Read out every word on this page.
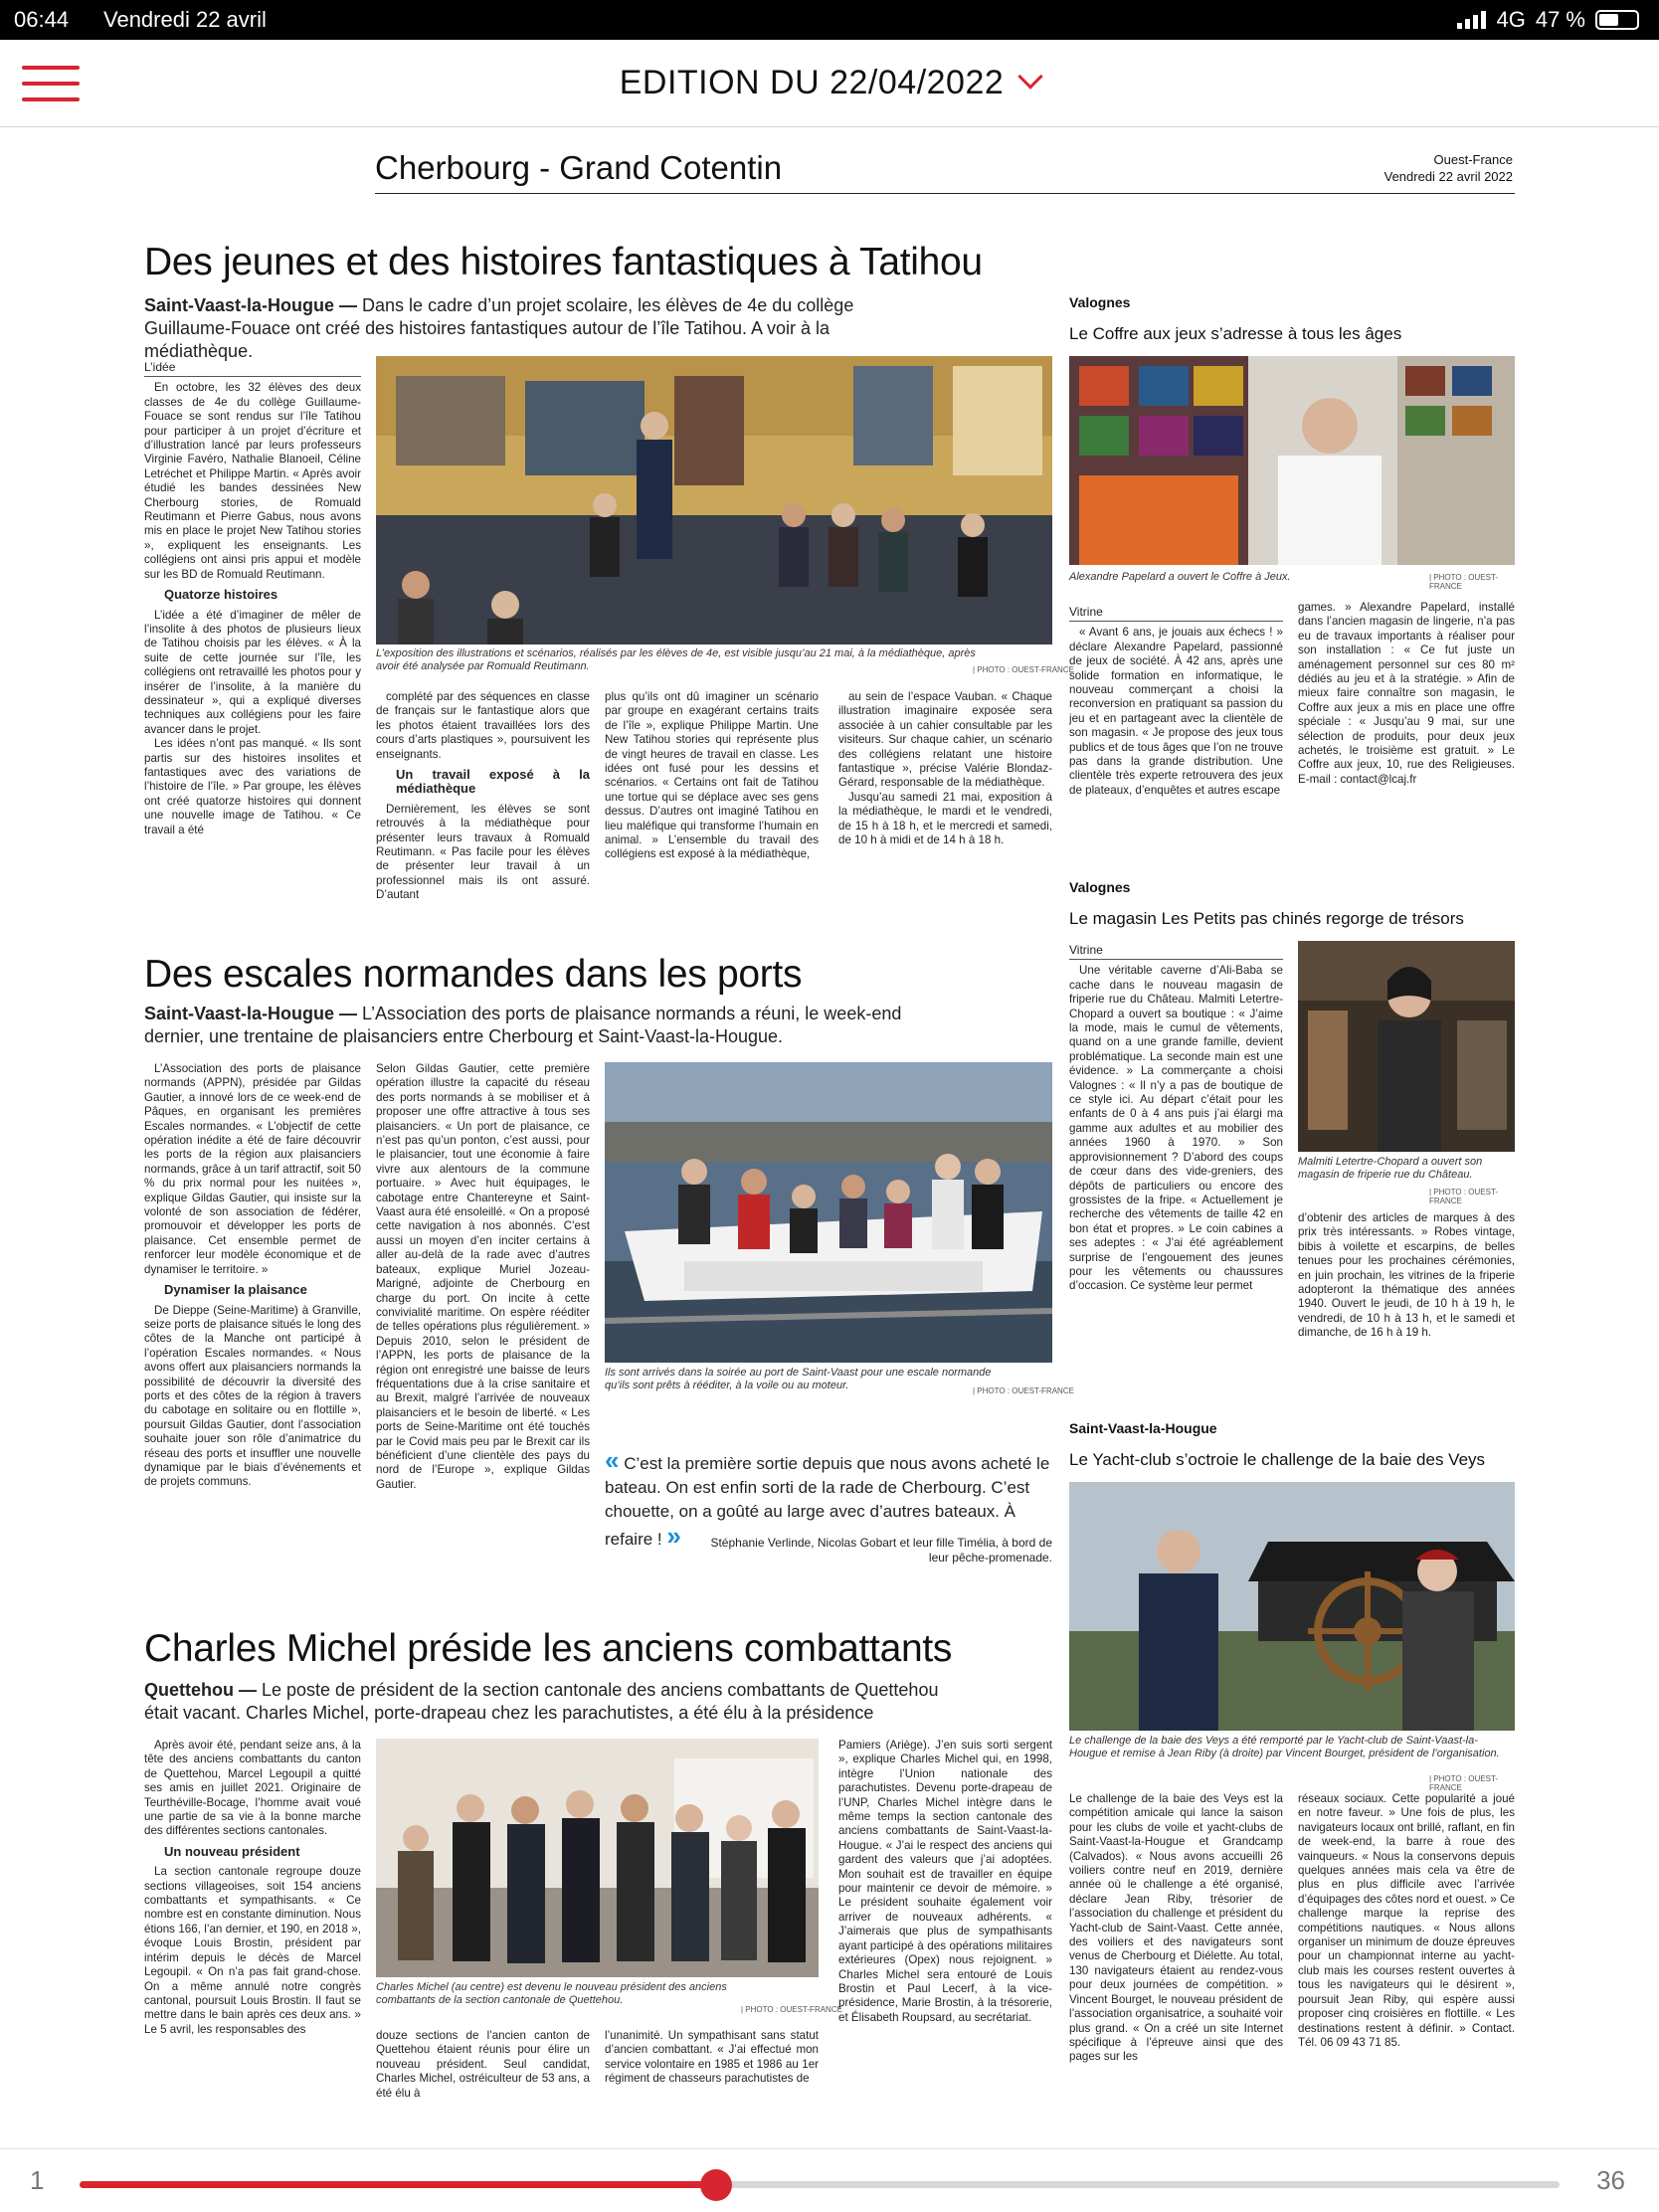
06:44 Vendredi 22 avril	4G 47 %
EDITION DU 22/04/2022
Cherbourg - Grand Cotentin	Ouest-France
Vendredi 22 avril 2022
Des jeunes et des histoires fantastiques à Tatihou
Saint-Vaast-la-Hougue — Dans le cadre d’un projet scolaire, les élèves de 4e du collège Guillaume-Fouace ont créé des histoires fantastiques autour de l’île Tatihou. A voir à la médiathèque.
L’idée

En octobre, les 32 élèves des deux classes de 4e du collège Guillaume-Fouace se sont rendus sur l’île Tatihou pour participer à un projet d’écriture et d’illustration lancé par leurs professeurs Virginie Favéro, Nathalie Blanoeil, Céline Letréchet et Philippe Martin. « Après avoir étudié les bandes dessinées New Cherbourg stories, de Romuald Reutimann et Pierre Gabus, nous avons mis en place le projet New Tatihou stories », expliquent les enseignants. Les collégiens ont ainsi pris appui et modèle sur les BD de Romuald Reutimann.

Quatorze histoires

L’idée a été d’imaginer de mêler de l’insolite à des photos de plusieurs lieux de Tatihou choisis par les élèves. « À la suite de cette journée sur l’île, les collégiens ont retravaillé les photos pour y insérer de l’insolite, à la manière du dessinateur », qui a expliqué diverses techniques aux collégiens pour les faire avancer dans le projet.

Les idées n’ont pas manqué. « Ils sont partis sur des histoires insolites et fantastiques avec des variations de l’histoire de l’île. » Par groupe, les élèves ont créé quatorze histoires qui donnent une nouvelle image de Tatihou. « Ce travail a été

L’exposition des illustrations et scénarios, réalisés par les élèves de 4e, est visible jusqu’au 21 mai, à la médiathèque, après avoir été analysée par Romuald Reutimann.	| PHOTO : OUEST-FRANCE

complété par des séquences en classe de français sur le fantastique alors que les photos étaient travaillées lors des cours d’arts plastiques », poursuivent les enseignants.

Un travail exposé à la médiathèque

Dernièrement, les élèves se sont retrouvés à la médiathèque pour présenter leurs travaux à Romuald Reutimann. « Pas facile pour les élèves de présenter leur travail à un professionnel mais ils ont assuré. D’autant

plus qu’ils ont dû imaginer un scénario par groupe en exagérant certains traits de l’île », explique Philippe Martin. Une New Tatihou stories qui représente plus de vingt heures de travail en classe. Les idées ont fusé pour les dessins et scénarios. « Certains ont fait de Tatihou une tortue qui se déplace avec ses gens dessus. D’autres ont imaginé Tatihou en lieu maléfique qui transforme l’humain en animal. » L’ensemble du travail des collégiens est exposé à la médiathèque,

au sein de l’espace Vauban. « Chaque illustration imaginaire exposée sera associée à un cahier consultable par les visiteurs. Sur chaque cahier, un scénario des collégiens relatant une histoire fantastique », précise Valérie Blondaz-Gérard, responsable de la médiathèque.

Jusqu’au samedi 21 mai, exposition à la médiathèque, le mardi et le vendredi, de 15 h à 18 h, et le mercredi et samedi, de 10 h à midi et de 14 h à 18 h.

Des escales normandes dans les ports
Saint-Vaast-la-Hougue — L’Association des ports de plaisance normands a réuni, le week-end dernier, une trentaine de plaisanciers entre Cherbourg et Saint-Vaast-la-Hougue.

L’Association des ports de plaisance normands (APPN), présidée par Gildas Gautier, a innové lors de ce week-end de Pâques, en organisant les premières Escales normandes. « L’objectif de cette opération inédite a été de faire découvrir les ports de la région aux plaisanciers normands, grâce à un tarif attractif, soit 50 % du prix normal pour les nuitées », explique Gildas Gautier, qui insiste sur la volonté de son association de fédérer, promouvoir et développer les ports de plaisance. Cet ensemble permet de renforcer leur modèle économique et de dynamiser le territoire. »

Dynamiser la plaisance

De Dieppe (Seine-Maritime) à Granville, seize ports de plaisance situés le long des côtes de la Manche ont participé à l’opération Escales normandes. « Nous avons offert aux plaisanciers normands la possibilité de découvrir la diversité des ports et des côtes de la région à travers du cabotage en solitaire ou en flottille », poursuit Gildas Gautier, dont l’association souhaite jouer son rôle d’animatrice du réseau des ports et insuffler une nouvelle dynamique par le biais d’événements et de projets communs.

Selon Gildas Gautier, cette première opération illustre la capacité du réseau des ports normands à se mobiliser et à proposer une offre attractive à tous ses plaisanciers. « Un port de plaisance, ce n’est pas qu’un ponton, c’est aussi, pour le plaisancier, tout une économie à faire vivre aux alentours de la commune portuaire. » Avec huit équipages, le cabotage entre Chantereyne et Saint-Vaast aura été ensoleillé. « On a proposé cette navigation à nos abonnés. C’est aussi un moyen d’en inciter certains à aller au-delà de la rade avec d’autres bateaux, explique Muriel Jozeau-Marigné, adjointe de Cherbourg en charge du port. On incite à cette convivialité maritime. On espère rééditer de telles opérations plus régulièrement. » Depuis 2010, selon le président de l’APPN, les ports de plaisance de la région ont enregistré une baisse de leurs fréquentations due à la crise sanitaire et au Brexit, malgré l’arrivée de nouveaux plaisanciers et le besoin de liberté. « Les ports de Seine-Maritime ont été touchés par le Covid mais peu par le Brexit car ils bénéficient d’une clientèle des pays du nord de l’Europe », explique Gildas Gautier.
Ils sont arrivés dans la soirée au port de Saint-Vaast pour une escale normande qu’ils sont prêts à rééditer, à la voile ou au moteur.	| PHOTO : OUEST-FRANCE
« C’est la première sortie depuis que nous avons acheté le bateau. On est enfin sorti de la rade de Cherbourg. C’est chouette, on a goûté au large avec d’autres bateaux. À refaire ! »	Stéphanie Verlinde, Nicolas Gobart et leur fille Timélia, à bord de leur pêche-promenade.
Charles Michel préside les anciens combattants
Quettehou — Le poste de président de la section cantonale des anciens combattants de Quettehou était vacant. Charles Michel, porte-drapeau chez les parachutistes, a été élu à la présidence

Après avoir été, pendant seize ans, à la tête des anciens combattants du canton de Quettehou, Marcel Legoupil a quitté ses amis en juillet 2021. Originaire de Teurthéville-Bocage, l’homme avait voué une partie de sa vie à la bonne marche des différentes sections cantonales.

Un nouveau président

La section cantonale regroupe douze sections villageoises, soit 154 anciens combattants et sympathisants. « Ce nombre est en constante diminution. Nous étions 166, l’an dernier, et 190, en 2018 », évoque Louis Brostin, président par intérim depuis le décès de Marcel Legoupil. « On n’a pas fait grand-chose. On a même annulé notre congrès cantonal, poursuit Louis Brostin. Il faut se mettre dans le bain après ces deux ans. » Le 5 avril, les responsables des

Charles Michel (au centre) est devenu le nouveau président des anciens combattants de la section cantonale de Quettehou.
| PHOTO : OUEST-FRANCE
douze sections de l’ancien canton de Quettehou étaient réunis pour élire un nouveau président. Seul candidat, Charles Michel, ostréiculteur de 53 ans, a été élu à
l’unanimité. Un sympathisant sans statut d’ancien combattant. « J’ai effectué mon service volontaire en 1985 et 1986 au 1er régiment de chasseurs parachutistes de
Pamiers (Ariège). J’en suis sorti sergent », explique Charles Michel qui, en 1998, intègre l’Union nationale des parachutistes. Devenu porte-drapeau de l’UNP, Charles Michel intègre dans le même temps la section cantonale des anciens combattants de Saint-Vaast-la-Hougue. « J’ai le respect des anciens qui gardent des valeurs que j’ai adoptées. Mon souhait est de travailler en équipe pour maintenir ce devoir de mémoire. » Le président souhaite également voir arriver de nouveaux adhérents. « J’aimerais que plus de sympathisants ayant participé à des opérations militaires extérieures (Opex) nous rejoignent. » Charles Michel sera entouré de Louis Brostin et Paul Lecerf, à la vice-présidence, Marie Brostin, à la trésorerie, et Élisabeth Roupsard, au secrétariat.
Valognes
Le Coffre aux jeux s’adresse à tous les âges
Alexandre Papelard a ouvert le Coffre à Jeux.	| PHOTO : OUEST-FRANCE
Vitrine

« Avant 6 ans, je jouais aux échecs ! » déclare Alexandre Papelard, passionné de jeux de société. À 42 ans, après une solide formation en informatique, le nouveau commerçant a choisi la reconversion en pratiquant sa passion du jeu et en partageant avec la clientèle de son magasin. « Je propose des jeux tous publics et de tous âges que l’on ne trouve pas dans la grande distribution. Une clientèle très experte retrouvera des jeux de plateaux, d’enquêtes et autres escape

games. » Alexandre Papelard, installé dans l’ancien magasin de lingerie, n’a pas eu de travaux importants à réaliser pour son installation : « Ce fut juste un aménagement personnel sur ces 80 m² dédiés au jeu et à la stratégie. » Afin de mieux faire connaître son magasin, le Coffre aux jeux a mis en place une offre spéciale : « Jusqu’au 9 mai, sur une sélection de produits, pour deux jeux achetés, le troisième est gratuit. » Le Coffre aux jeux, 10, rue des Religieuses. E-mail : contact@lcaj.fr
Valognes
Le magasin Les Petits pas chinés regorge de trésors
Vitrine

Une véritable caverne d’Ali-Baba se cache dans le nouveau magasin de friperie rue du Château. Malmiti Letertre-Chopard a ouvert sa boutique : « J’aime la mode, mais le cumul de vêtements, quand on a une grande famille, devient problématique. La seconde main est une évidence. » La commerçante a choisi Valognes : « Il n’y a pas de boutique de ce style ici. Au départ c’était pour les enfants de 0 à 4 ans puis j’ai élargi ma gamme aux adultes et au mobilier des années 1960 à 1970. » Son approvisionnement ? D’abord des coups de cœur dans des vide-greniers, des dépôts de particuliers ou encore des grossistes de la fripe. « Actuellement je recherche des vêtements de taille 42 en bon état et propres. » Le coin cabines a ses adeptes : « J’ai été agréablement surprise de l’engouement des jeunes pour les vêtements ou chaussures d’occasion. Ce système leur permet

Malmiti Letertre-Chopard a ouvert son magasin de friperie rue du Château.
| PHOTO : OUEST-FRANCE
d’obtenir des articles de marques à des prix très intéressants. » Robes vintage, bibis à voilette et escarpins, de belles tenues pour les prochaines cérémonies, en juin prochain, les vitrines de la friperie adopteront la thématique des années 1940. Ouvert le jeudi, de 10 h à 19 h, le vendredi, de 10 h à 13 h, et le samedi et dimanche, de 16 h à 19 h.
Saint-Vaast-la-Hougue
Le Yacht-club s’octroie le challenge de la baie des Veys
Le challenge de la baie des Veys a été remporté par le Yacht-club de Saint-Vaast-la-Hougue et remise à Jean Riby (à droite) par Vincent Bourget, président de l’organisation.
| PHOTO : OUEST-FRANCE
Le challenge de la baie des Veys est la compétition amicale qui lance la saison pour les clubs de voile et yacht-clubs de Saint-Vaast-la-Hougue et Grandcamp (Calvados). « Nous avons accueilli 26 voiliers contre neuf en 2019, dernière année où le challenge a été organisé, déclare Jean Riby, trésorier de l’association du challenge et président du Yacht-club de Saint-Vaast. Cette année, des voiliers et des navigateurs sont venus de Cherbourg et Diélette. Au total, 130 navigateurs étaient au rendez-vous pour deux journées de compétition. » Vincent Bourget, le nouveau président de l’association organisatrice, a souhaité voir plus grand. « On a créé un site Internet spécifique à l’épreuve ainsi que des pages sur les
réseaux sociaux. Cette popularité a joué en notre faveur. » Une fois de plus, les navigateurs locaux ont brillé, raflant, en fin de week-end, la barre à roue des vainqueurs. « Nous la conservons depuis quelques années mais cela va être de plus en plus difficile avec l’arrivée d’équipages des côtes nord et ouest. » Ce challenge marque la reprise des compétitions nautiques. « Nous allons organiser un minimum de douze épreuves pour un championnat interne au yacht-club mais les courses restent ouvertes à tous les navigateurs qui le désirent », poursuit Jean Riby, qui espère aussi proposer cinq croisières en flottille. « Les destinations restent à définir. » Contact. Tél. 06 09 43 71 85.
1	36
